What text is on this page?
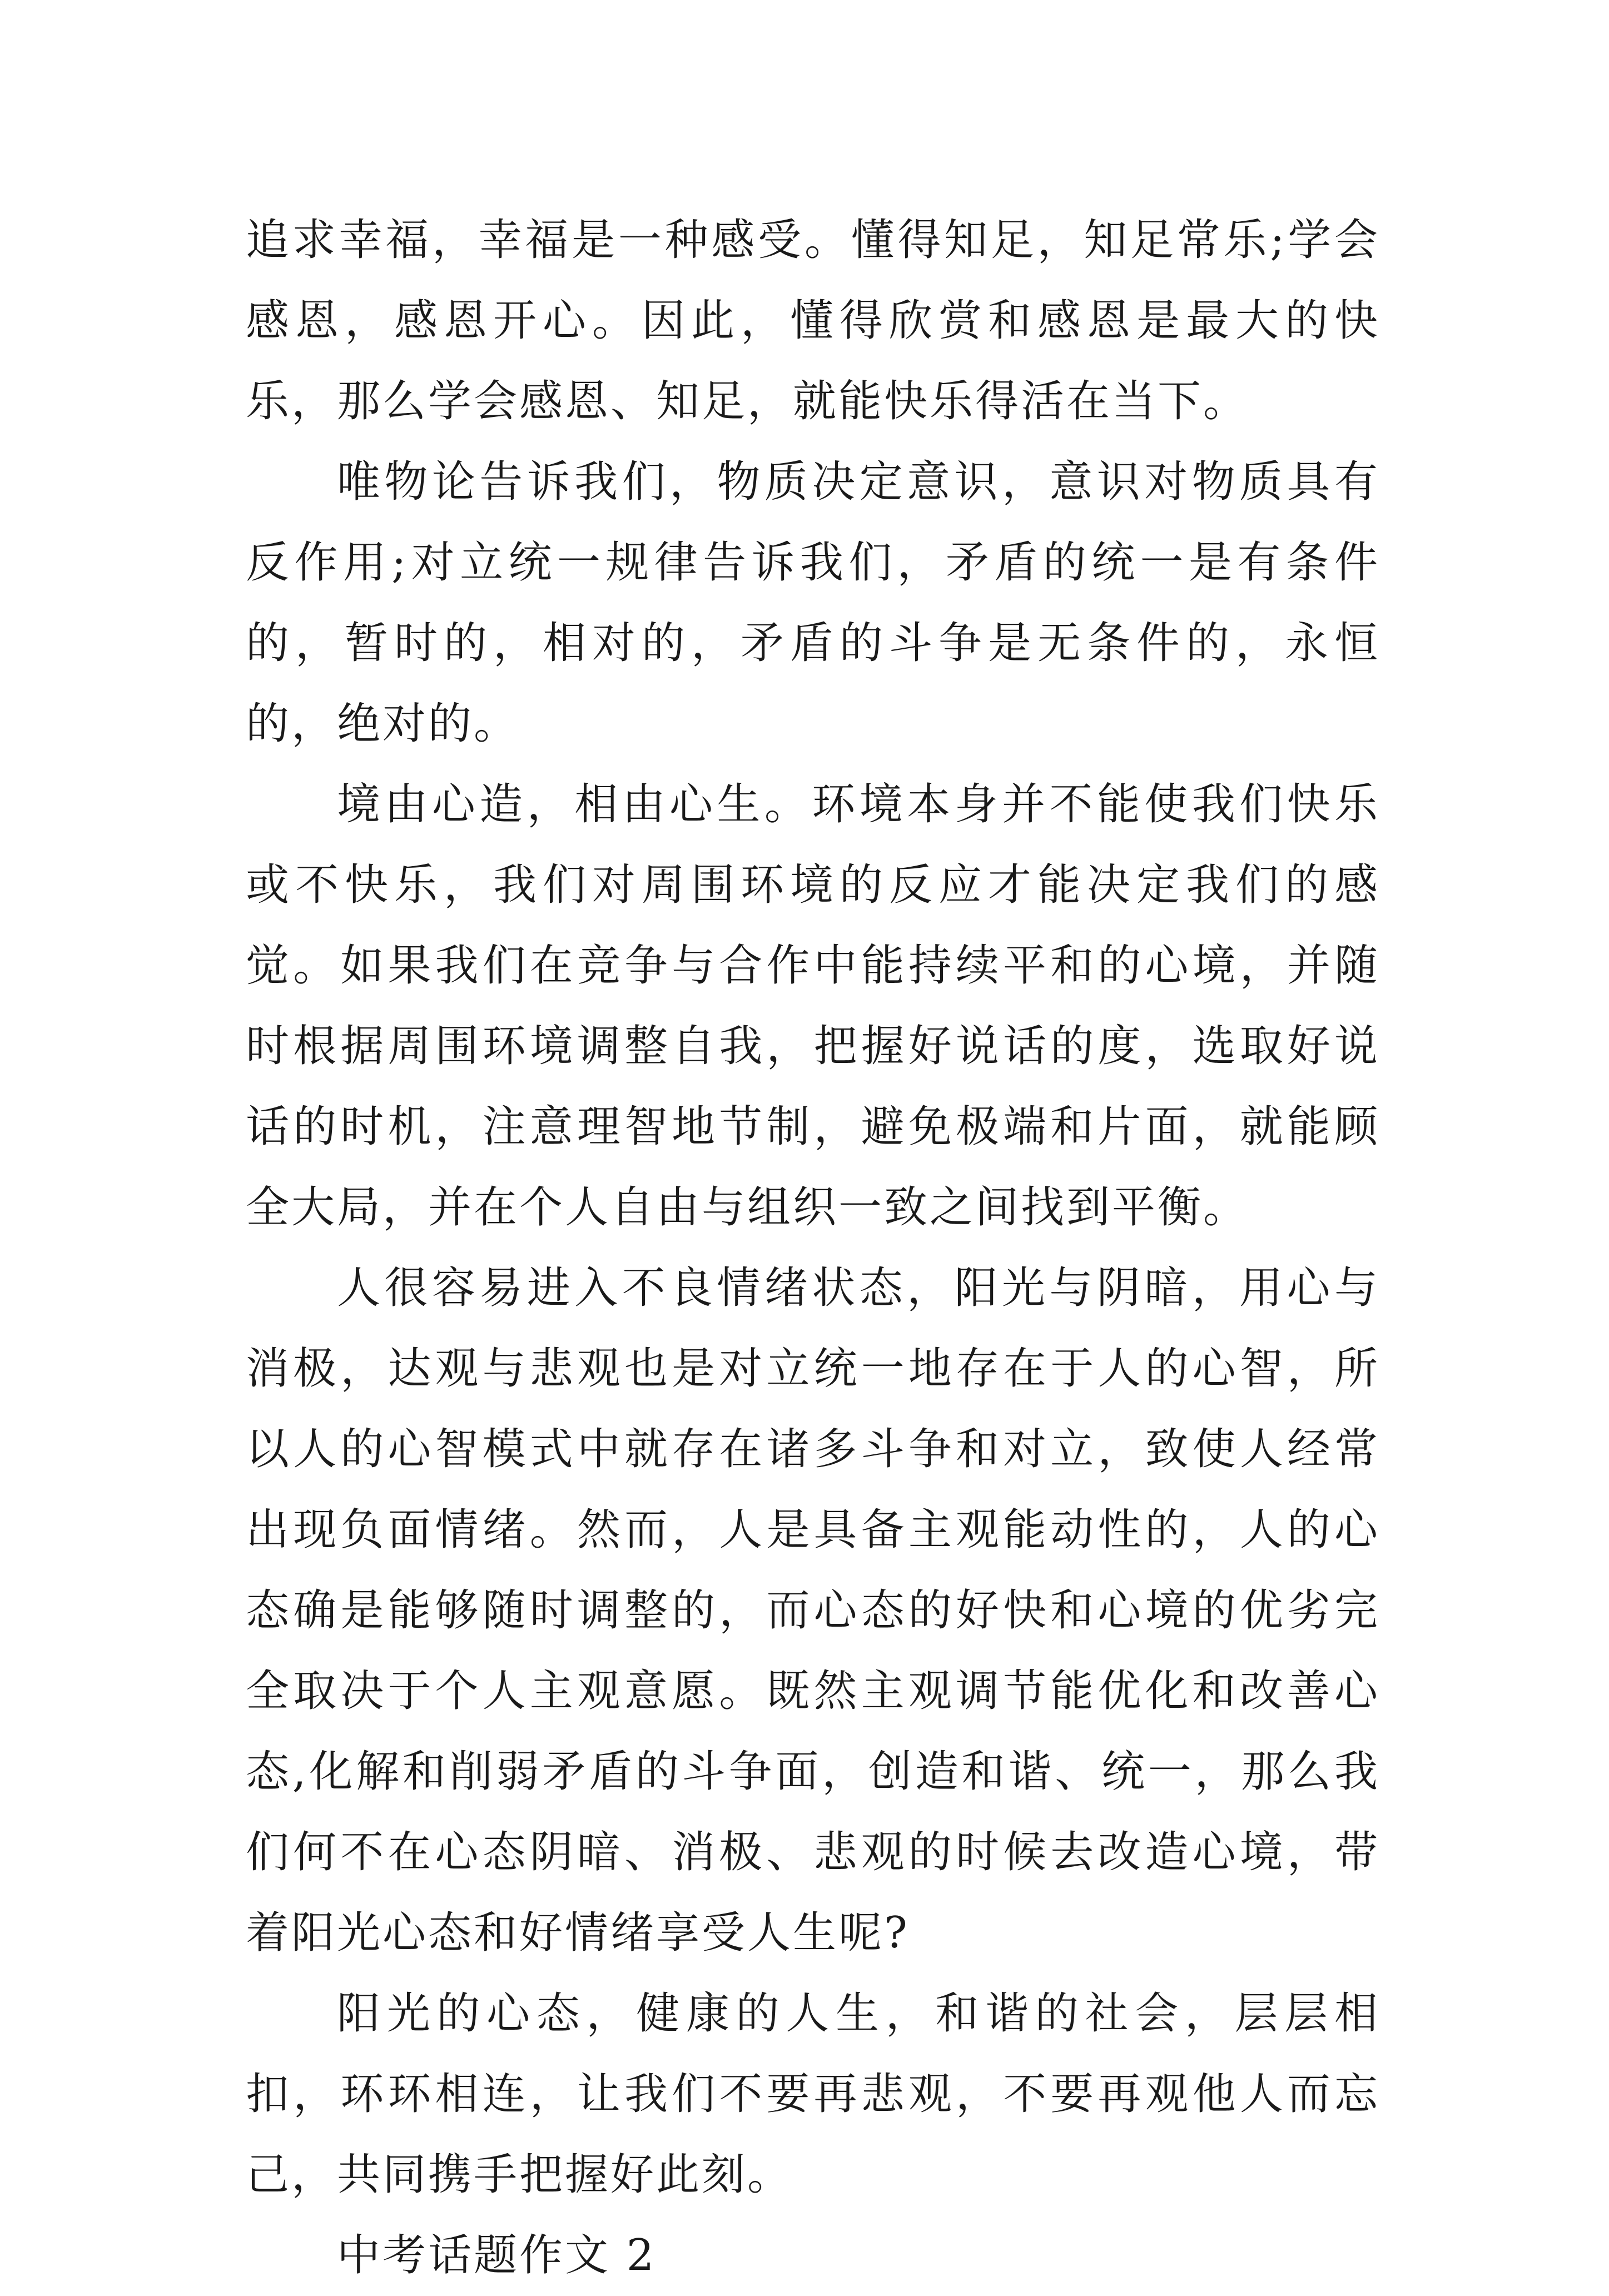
追求幸福，幸福是一种感受。懂得知足，知足常乐;学会感恩，感恩开心。因此，懂得欣赏和感恩是最大的快乐，那么学会感恩、知足，就能快乐得活在当下。

唯物论告诉我们，物质决定意识，意识对物质具有反作用;对立统一规律告诉我们，矛盾的统一是有条件的，暂时的，相对的，矛盾的斗争是无条件的，永恒的，绝对的。

境由心造，相由心生。环境本身并不能使我们快乐或不快乐，我们对周围环境的反应才能决定我们的感觉。如果我们在竞争与合作中能持续平和的心境，并随时根据周围环境调整自我，把握好说话的度，选取好说话的时机，注意理智地节制，避免极端和片面，就能顾全大局，并在个人自由与组织一致之间找到平衡。

人很容易进入不良情绪状态，阳光与阴暗，用心与消极，达观与悲观也是对立统一地存在于人的心智，所以人的心智模式中就存在诸多斗争和对立，致使人经常出现负面情绪。然而，人是具备主观能动性的，人的心态确是能够随时调整的，而心态的好快和心境的优劣完全取决于个人主观意愿。既然主观调节能优化和改善心态,化解和削弱矛盾的斗争面，创造和谐、统一，那么我们何不在心态阴暗、消极、悲观的时候去改造心境，带着阳光心态和好情绪享受人生呢?

阳光的心态，健康的人生，和谐的社会，层层相扣，环环相连，让我们不要再悲观，不要再观他人而忘己，共同携手把握好此刻。

中考话题作文 2
